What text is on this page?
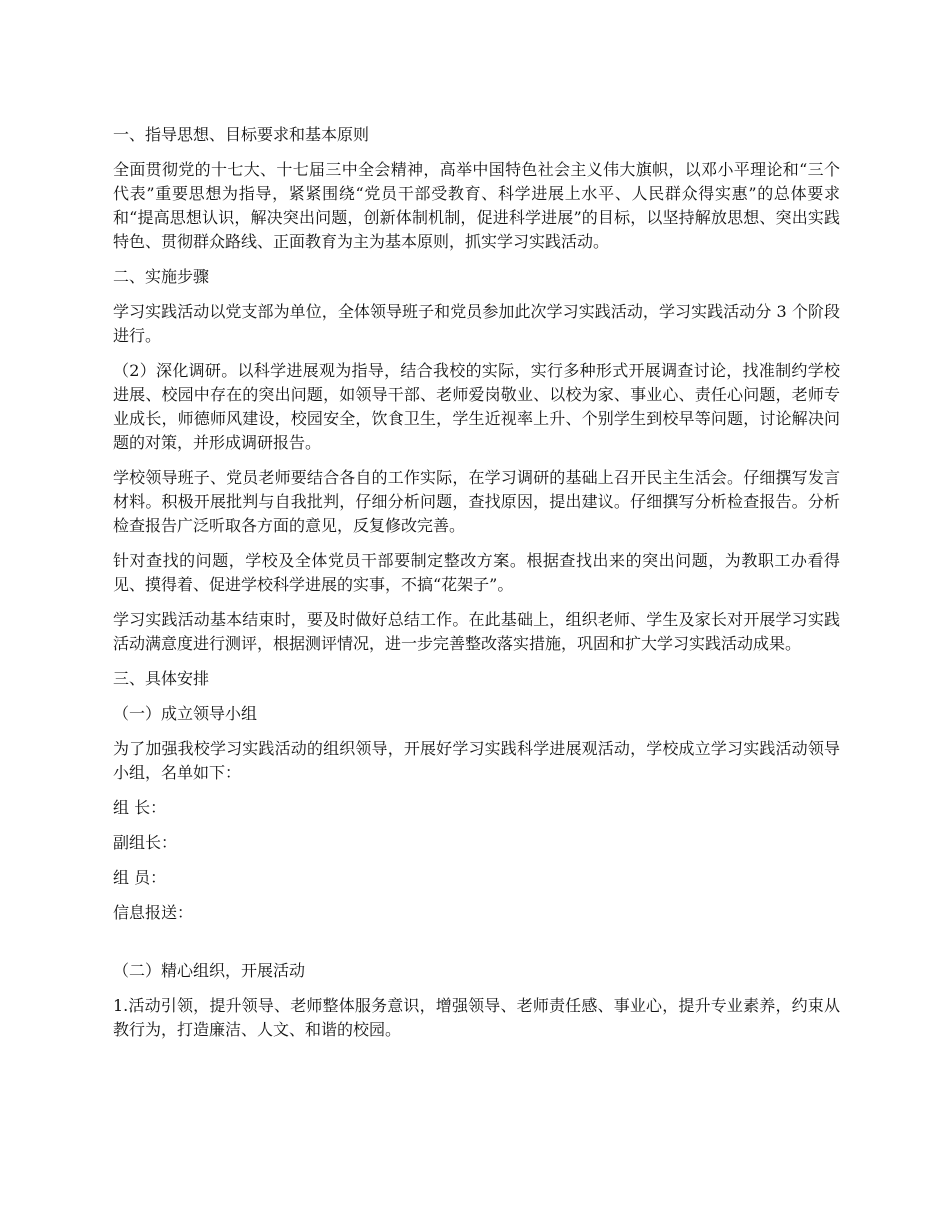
一、指导思想、目标要求和基本原则

全面贯彻党的十七大、十七届三中全会精神，高举中国特色社会主义伟大旗帜，以邓小平理论和“三个代表”重要思想为指导，紧紧围绕“党员干部受教育、科学进展上水平、人民群众得实惠”的总体要求和“提高思想认识，解决突出问题，创新体制机制，促进科学进展”的目标，以坚持解放思想、突出实践特色、贯彻群众路线、正面教育为主为基本原则，抓实学习实践活动。

二、实施步骤

学习实践活动以党支部为单位，全体领导班子和党员参加此次学习实践活动，学习实践活动分 3 个阶段进行。

（2）深化调研。以科学进展观为指导，结合我校的实际，实行多种形式开展调查讨论，找准制约学校进展、校园中存在的突出问题，如领导干部、老师爱岗敬业、以校为家、事业心、责任心问题，老师专业成长，师德师风建设，校园安全，饮食卫生，学生近视率上升、个别学生到校早等问题，讨论解决问题的对策，并形成调研报告。

学校领导班子、党员老师要结合各自的工作实际，在学习调研的基础上召开民主生活会。仔细撰写发言材料。积极开展批判与自我批判，仔细分析问题，查找原因，提出建议。仔细撰写分析检查报告。分析检查报告广泛听取各方面的意见，反复修改完善。

针对查找的问题，学校及全体党员干部要制定整改方案。根据查找出来的突出问题，为教职工办看得见、摸得着、促进学校科学进展的实事，不搞“花架子”。

学习实践活动基本结束时，要及时做好总结工作。在此基础上，组织老师、学生及家长对开展学习实践活动满意度进行测评，根据测评情况，进一步完善整改落实措施，巩固和扩大学习实践活动成果。

三、具体安排

（一）成立领导小组

为了加强我校学习实践活动的组织领导，开展好学习实践科学进展观活动，学校成立学习实践活动领导小组，名单如下：

组 长：

副组长：

组 员：

信息报送：

（二）精心组织，开展活动

1.活动引领，提升领导、老师整体服务意识，增强领导、老师责任感、事业心，提升专业素养，约束从教行为，打造廉洁、人文、和谐的校园。
